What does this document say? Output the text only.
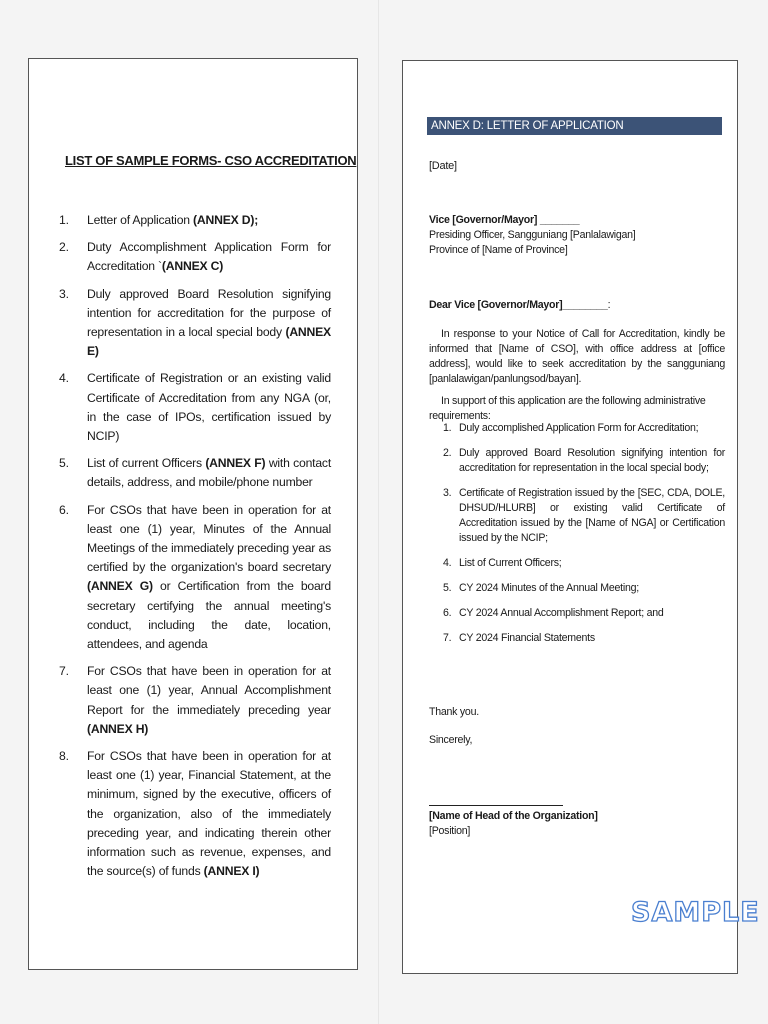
LIST OF SAMPLE FORMS- CSO ACCREDITATION
1. Letter of Application (ANNEX D);
2. Duty Accomplishment Application Form for Accreditation `(ANNEX C)
3. Duly approved Board Resolution signifying intention for accreditation for the purpose of representation in a local special body (ANNEX E)
4. Certificate of Registration or an existing valid Certificate of Accreditation from any NGA (or, in the case of IPOs, certification issued by NCIP)
5. List of current Officers (ANNEX F) with contact details, address, and mobile/phone number
6. For CSOs that have been in operation for at least one (1) year, Minutes of the Annual Meetings of the immediately preceding year as certified by the organization's board secretary (ANNEX G) or Certification from the board secretary certifying the annual meeting's conduct, including the date, location, attendees, and agenda
7. For CSOs that have been in operation for at least one (1) year, Annual Accomplishment Report for the immediately preceding year (ANNEX H)
8. For CSOs that have been in operation for at least one (1) year, Financial Statement, at the minimum, signed by the executive, officers of the organization, also of the immediately preceding year, and indicating therein other information such as revenue, expenses, and the source(s) of funds (ANNEX I)
ANNEX D: LETTER OF APPLICATION
[Date]
Vice [Governor/Mayor] _______
Presiding Officer, Sangguniang [Panlalawigan]
Province of [Name of Province]
Dear Vice [Governor/Mayor]________:
In response to your Notice of Call for Accreditation, kindly be informed that [Name of CSO], with office address at [office address], would like to seek accreditation by the sangguniang [panlalawigan/panlungsod/bayan].
In support of this application are the following administrative requirements:
1. Duly accomplished Application Form for Accreditation;
2. Duly approved Board Resolution signifying intention for accreditation for representation in the local special body;
3. Certificate of Registration issued by the [SEC, CDA, DOLE, DHSUD/HLURB] or existing valid Certificate of Accreditation issued by the [Name of NGA] or Certification issued by the NCIP;
4. List of Current Officers;
5. CY 2024 Minutes of the Annual Meeting;
6. CY 2024 Annual Accomplishment Report; and
7. CY 2024 Financial Statements
Thank you.
Sincerely,
[Name of Head of the Organization]
[Position]
SAMPLE
